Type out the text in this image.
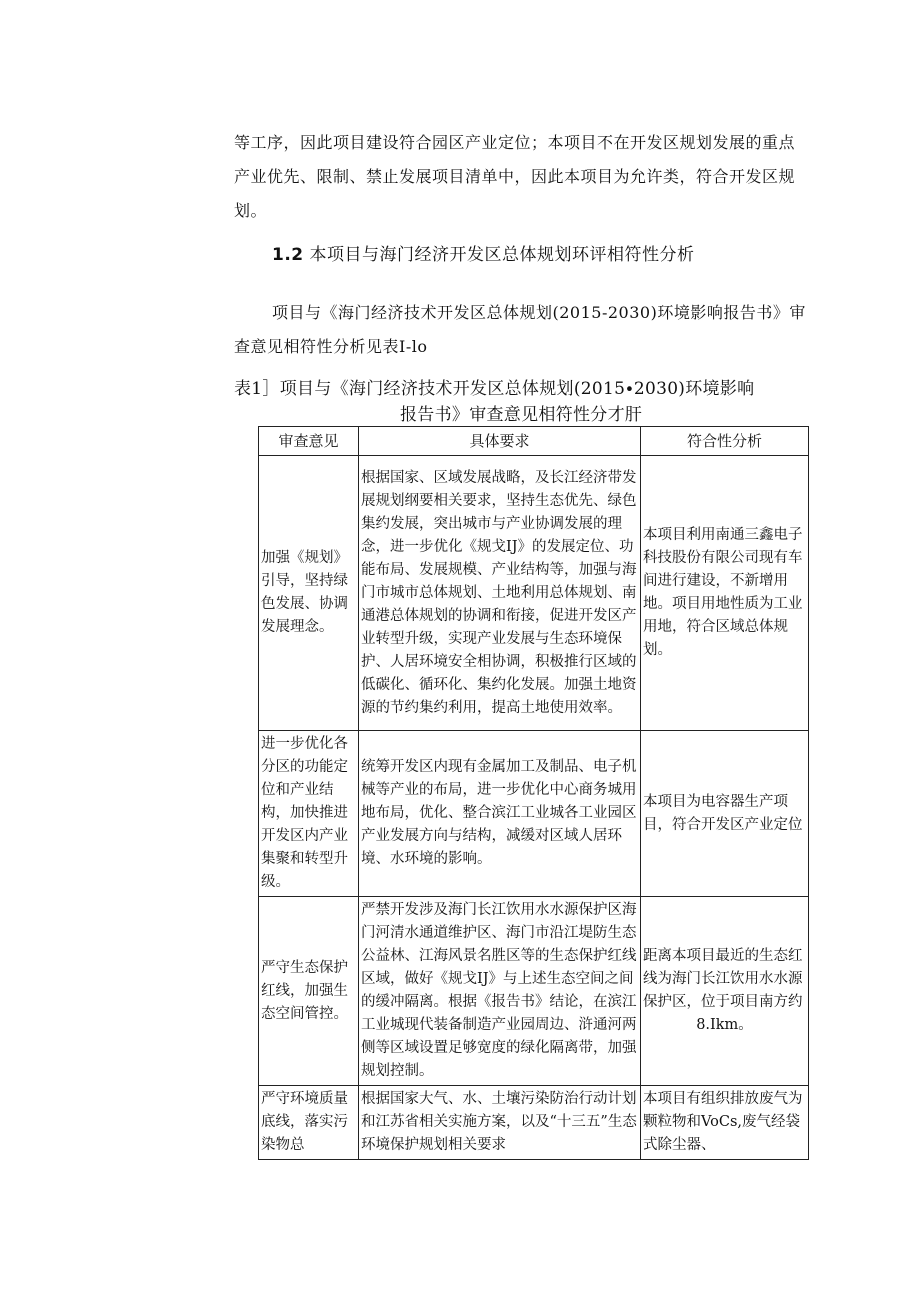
等工序，因此项目建设符合园区产业定位；本项目不在开发区规划发展的重点
产业优先、限制、禁止发展项目清单中，因此本项目为允许类，符合开发区规
划。
1.2 本项目与海门经济开发区总体规划环评相符性分析
项目与《海门经济技术开发区总体规划(2015-2030)环境影响报告书》审
查意见相符性分析见表I-lo
表1］项目与《海门经济技术开发区总体规划(2015∙2030)环境影响
报告书》审查意见相符性分才肝
审查意见	具体要求	符合性分析
加强《规划》引导，坚持绿色发展、协调发展理念。	根据国家、区域发展战略，及长江经济带发展规划纲要相关要求，坚持生态优先、绿色集约发展，突出城市与产业协调发展的理念，进一步优化《规戈IJ》的发展定位、功能布局、发展规模、产业结构等，加强与海门市城市总体规划、土地利用总体规划、南通港总体规划的协调和衔接，促进开发区产业转型升级，实现产业发展与生态环境保护、人居环境安全相协调，积极推行区域的低碳化、循环化、集约化发展。加强土地资源的节约集约利用，提高土地使用效率。	本项目利用南通三鑫电子科技股份有限公司现有车间进行建设，不新增用地。项目用地性质为工业用地，符合区域总体规划。
进一步优化各分区的功能定位和产业结构，加快推进开发区内产业集聚和转型升级。	统筹开发区内现有金属加工及制品、电子机械等产业的布局，进一步优化中心商务城用地布局，优化、整合滨江工业城各工业园区产业发展方向与结构，减缓对区域人居环境、水环境的影响。	本项目为电容器生产项目，符合开发区产业定位
严守生态保护红线，加强生态空间管控。	严禁开发涉及海门长江饮用水水源保护区海门河清水通道维护区、海门市沿江堤防生态公益林、江海风景名胜区等的生态保护红线区域，做好《规戈IJ》与上述生态空间之间的缓冲隔离。根据《报告书》结论，在滨江工业城现代装备制造产业园周边、浒通河两侧等区域设置足够宽度的绿化隔离带，加强规划控制。	距离本项目最近的生态红线为海门长江饮用水水源保护区，位于项目南方约
8.Ikm。

严守环境质量底线，落实污染物总	根据国家大气、水、土壤污染防治行动计划和江苏省相关实施方案，以及“十三五”生态环境保护规划相关要求	本项目有组织排放废气为颗粒物和VoCs,废气经袋式除尘器、
